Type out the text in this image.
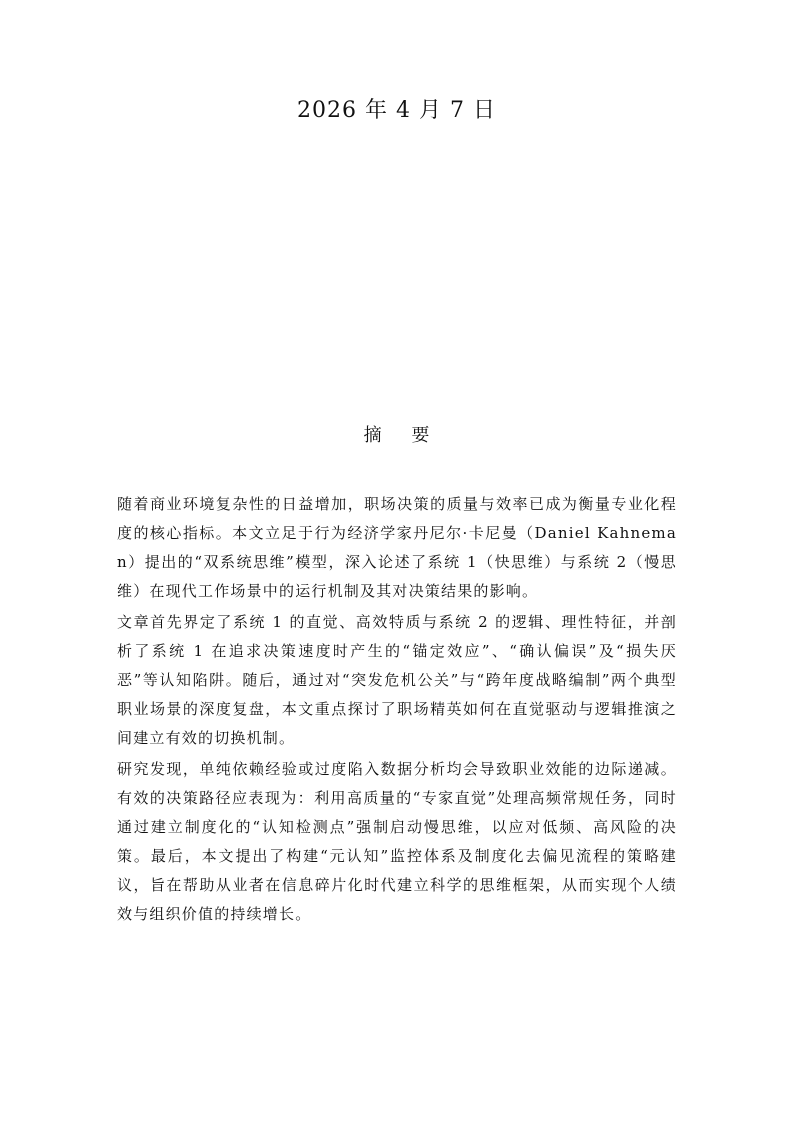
2026 年 4 月 7 日
摘 要

随着商业环境复杂性的日益增加，职场决策的质量与效率已成为衡量专业化程度的核心指标。本文立足于行为经济学家丹尼尔·卡尼曼（Daniel Kahneman）提出的“双系统思维”模型，深入论述了系统 1（快思维）与系统 2（慢思维）在现代工作场景中的运行机制及其对决策结果的影响。

文章首先界定了系统 1 的直觉、高效特质与系统 2 的逻辑、理性特征，并剖析了系统 1 在追求决策速度时产生的“锚定效应”、“确认偏误”及“损失厌恶”等认知陷阱。随后，通过对“突发危机公关”与“跨年度战略编制”两个典型职业场景的深度复盘，本文重点探讨了职场精英如何在直觉驱动与逻辑推演之间建立有效的切换机制。

研究发现，单纯依赖经验或过度陷入数据分析均会导致职业效能的边际递减。有效的决策路径应表现为：利用高质量的“专家直觉”处理高频常规任务，同时通过建立制度化的“认知检测点”强制启动慢思维，以应对低频、高风险的决策。最后，本文提出了构建“元认知”监控体系及制度化去偏见流程的策略建议，旨在帮助从业者在信息碎片化时代建立科学的思维框架，从而实现个人绩效与组织价值的持续增长。
